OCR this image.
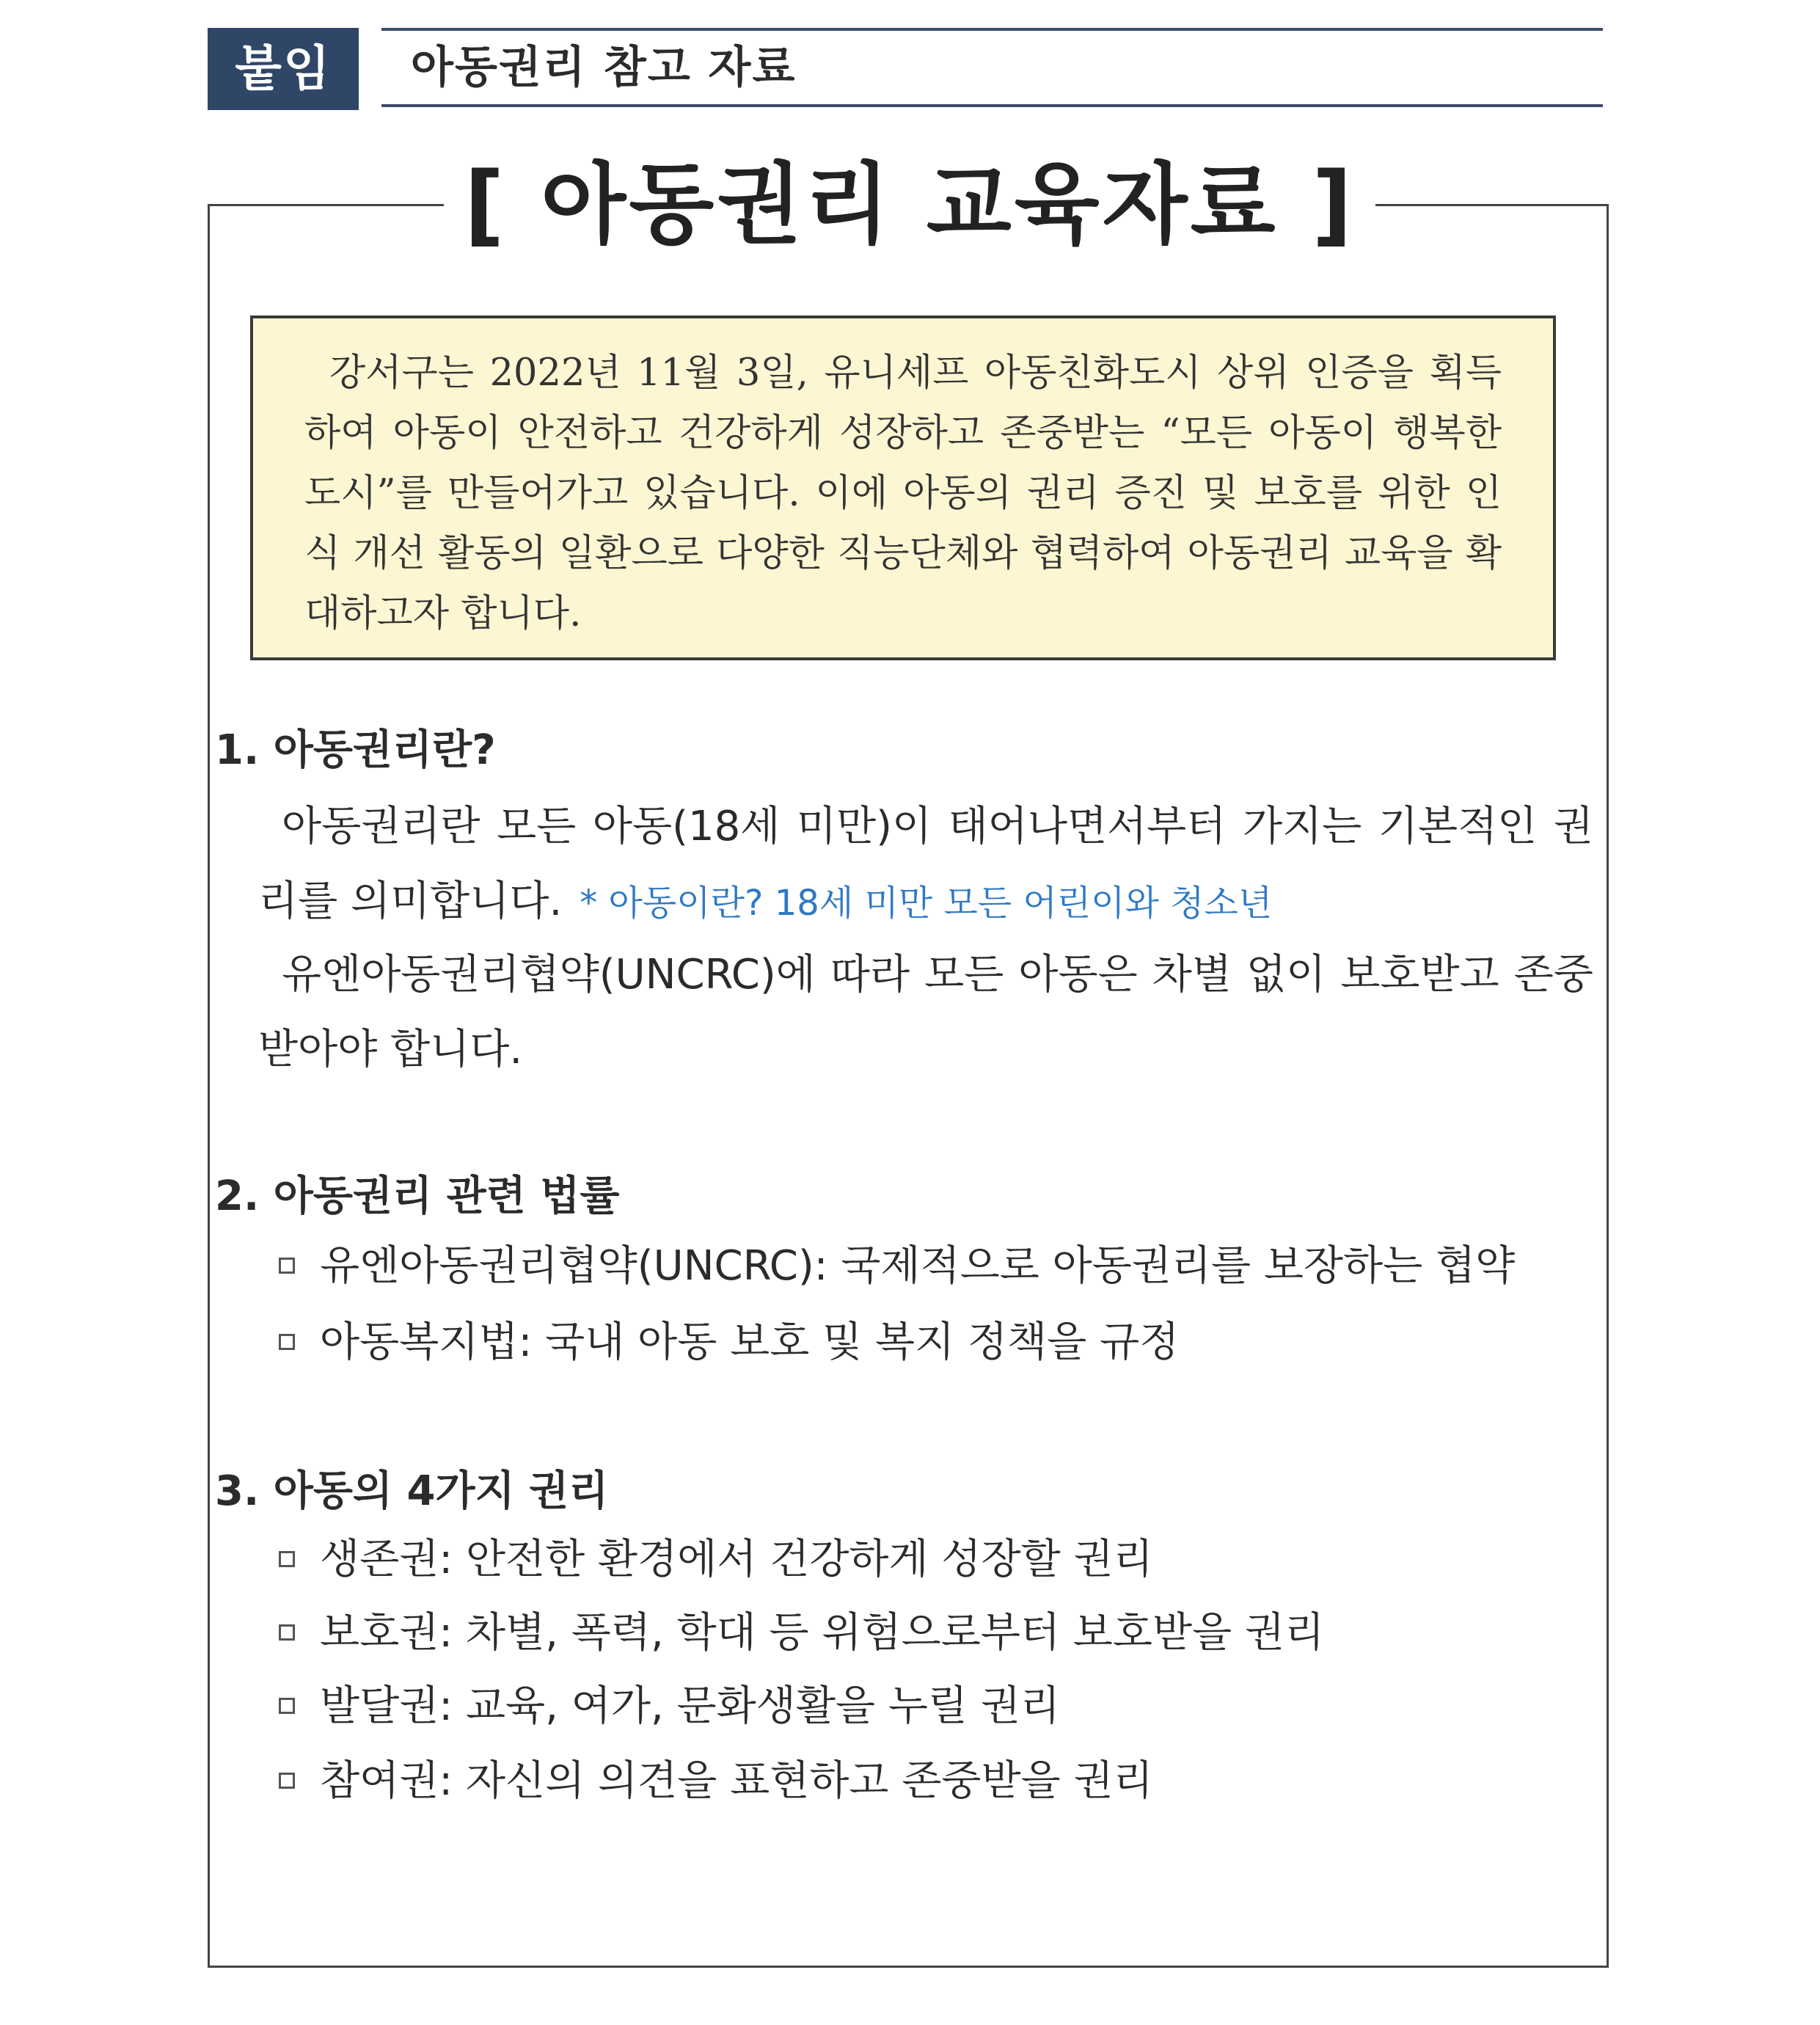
붙임	아동권리 참고 자료
[ 아동권리 교육자료 ]

강서구는 2022년 11월 3일, 유니세프 아동친화도시 상위 인증을 획득하여 아동이 안전하고 건강하게 성장하고 존중받는 “모든 아동이 행복한 도시”를 만들어가고 있습니다. 이에 아동의 권리 증진 및 보호를 위한 인식 개선 활동의 일환으로 다양한 직능단체와 협력하여 아동권리 교육을 확대하고자 합니다.

1. 아동권리란?

아동권리란 모든 아동(18세 미만)이 태어나면서부터 가지는 기본적인 권리를 의미합니다. * 아동이란? 18세 미만 모든 어린이와 청소년

유엔아동권리협약(UNCRC)에 따라 모든 아동은 차별 없이 보호받고 존중받아야 합니다.

2. 아동권리 관련 법률
유엔아동권리협약(UNCRC): 국제적으로 아동권리를 보장하는 협약
아동복지법: 국내 아동 보호 및 복지 정책을 규정
3. 아동의 4가지 권리
생존권: 안전한 환경에서 건강하게 성장할 권리
보호권: 차별, 폭력, 학대 등 위험으로부터 보호받을 권리
발달권: 교육, 여가, 문화생활을 누릴 권리
참여권: 자신의 의견을 표현하고 존중받을 권리
